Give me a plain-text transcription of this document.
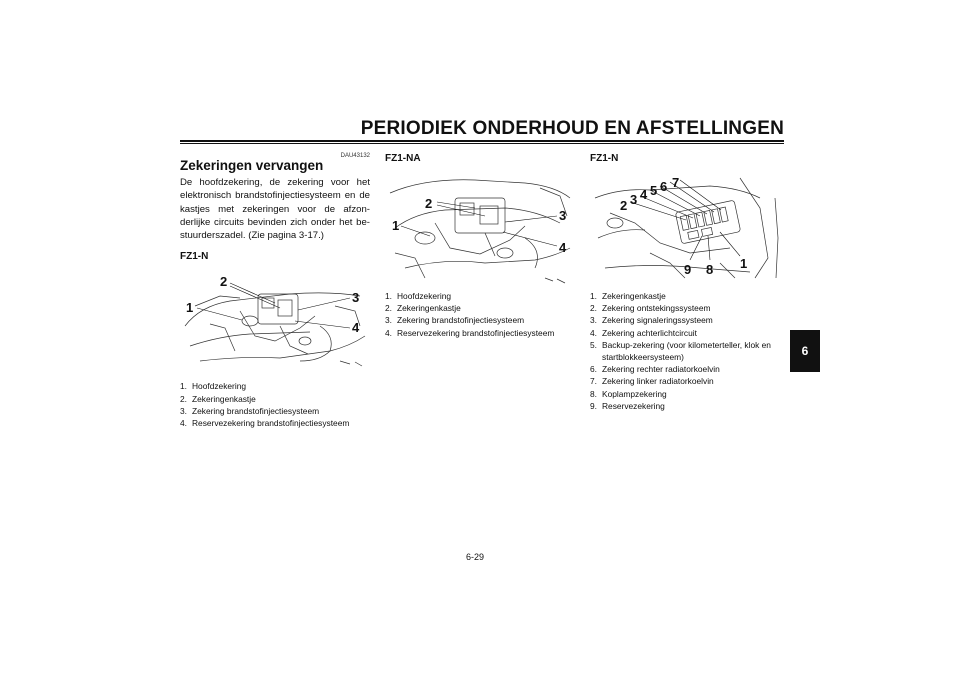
PERIODIEK ONDERHOUD EN AFSTELLINGEN
6
DAU43132
Zekeringen vervangen
De hoofdzekering, de zekering voor het elektronisch brandstofinjectiesysteem en de kastjes met zekeringen voor de afzon-derlijke circuits bevinden zich onder het be-stuurderszadel. (Zie pagina 3-17.)
FZ1-N
1
2
3
4
1. Hoofdzekering
2. Zekeringenkastje
3. Zekering brandstofinjectiesysteem
4. Reservezekering brandstofinjectiesysteem
FZ1-NA
1
2
3
4
1. Hoofdzekering
2. Zekeringenkastje
3. Zekering brandstofinjectiesysteem
4. Reservezekering brandstofinjectiesysteem
FZ1-N
1
2 3 4 5 6 7
8
9
1. Zekeringenkastje
2. Zekering ontstekingssysteem
3. Zekering signaleringssysteem
4. Zekering achterlichtcircuit
5. Backup-zekering (voor kilometerteller, klok en startblokkeersysteem)
6. Zekering rechter radiatorkoelvin
7. Zekering linker radiatorkoelvin
8. Koplampzekering
9. Reservezekering
6-29
